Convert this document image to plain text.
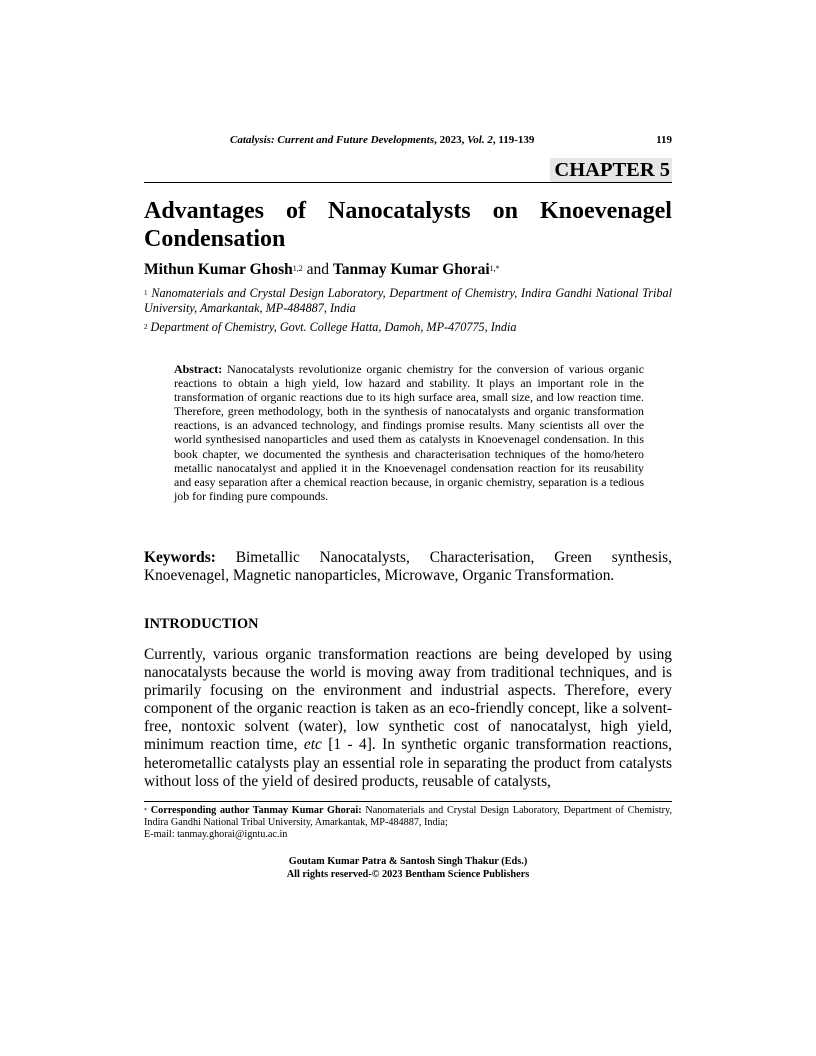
Catalysis: Current and Future Developments, 2023, Vol. 2, 119-139	119
CHAPTER 5
Advantages of Nanocatalysts on Knoevenagel
Condensation
Mithun Kumar Ghosh$^{1,2}$ and Tanmay Kumar Ghorai$^{1,*}$
$^1$ Nanomaterials and Crystal Design Laboratory, Department of Chemistry, Indira Gandhi National Tribal University, Amarkantak, MP-484887, India
$^2$ Department of Chemistry, Govt. College Hatta, Damoh, MP-470775, India
Abstract: Nanocatalysts revolutionize organic chemistry for the conversion of various organic reactions to obtain a high yield, low hazard and stability. It plays an important role in the transformation of organic reactions due to its high surface area, small size, and low reaction time. Therefore, green methodology, both in the synthesis of nanocatalysts and organic transformation reactions, is an advanced technology, and findings promise results. Many scientists all over the world synthesised nanoparticles and used them as catalysts in Knoevenagel condensation. In this book chapter, we documented the synthesis and characterisation techniques of the homo/hetero metallic nanocatalyst and applied it in the Knoevenagel condensation reaction for its reusability and easy separation after a chemical reaction because, in organic chemistry, separation is a tedious job for finding pure compounds.
Keywords: Bimetallic Nanocatalysts, Characterisation, Green synthesis, Knoevenagel, Magnetic nanoparticles, Microwave, Organic Transformation.
INTRODUCTION
Currently, various organic transformation reactions are being developed by using nanocatalysts because the world is moving away from traditional techniques, and is primarily focusing on the environment and industrial aspects. Therefore, every component of the organic reaction is taken as an eco-friendly concept, like a solvent-free, nontoxic solvent (water), low synthetic cost of nanocatalyst, high yield, minimum reaction time, etc [1 - 4]. In synthetic organic transformation reactions, heterometallic catalysts play an essential role in separating the product from catalysts without loss of the yield of desired products, reusable of catalysts,
* Corresponding author Tanmay Kumar Ghorai: Nanomaterials and Crystal Design Laboratory, Department of Chemistry, Indira Gandhi National Tribal University, Amarkantak, MP-484887, India;
E-mail: tanmay.ghorai@igntu.ac.in
Goutam Kumar Patra & Santosh Singh Thakur (Eds.)
All rights reserved-© 2023 Bentham Science Publishers
